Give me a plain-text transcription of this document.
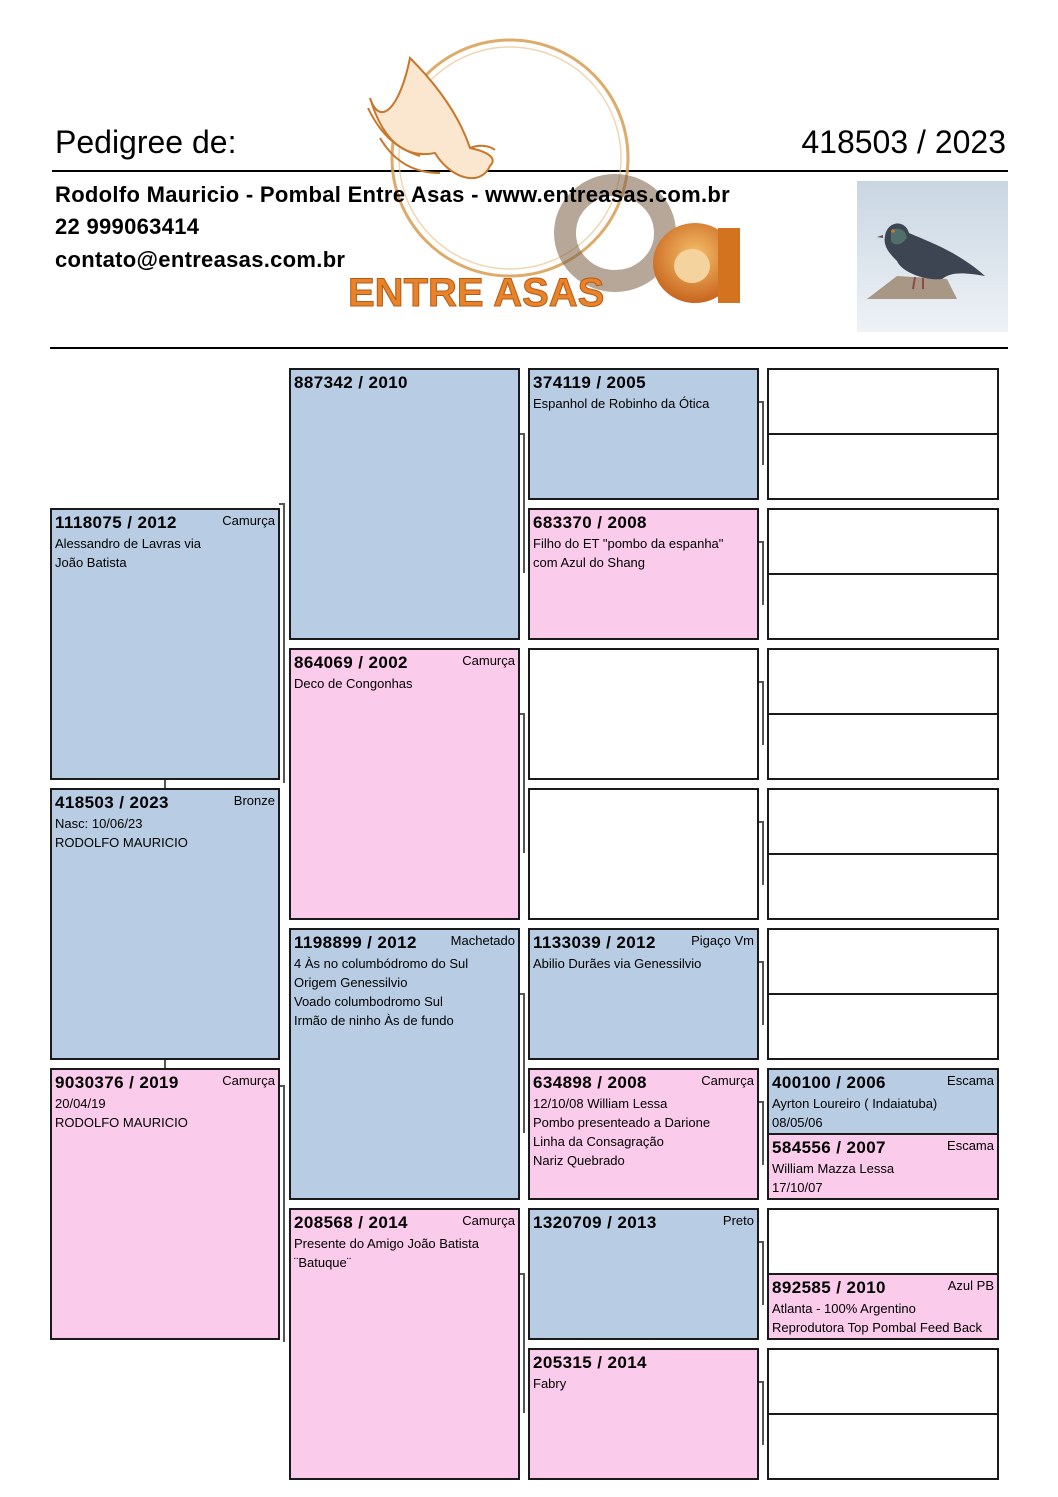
Pedigree de:	418503 / 2023
ENTRE ASAS
Rodolfo Mauricio - Pombal Entre Asas - www.entreasas.com.br
22 999063414
contato@entreasas.com.br
1118075 / 2012	Camurça
Alessandro de Lavras via
João Batista
418503 / 2023	Bronze
Nasc: 10/06/23
RODOLFO MAURICIO
9030376 / 2019	Camurça
20/04/19
RODOLFO MAURICIO
887342 / 2010
864069 / 2002	Camurça
Deco de Congonhas
1198899 / 2012	Machetado
4 Às no columbódromo do Sul
Origem Genessilvio
Voado columbodromo Sul
Irmão de ninho Às de fundo
208568 / 2014	Camurça
Presente do Amigo João Batista
¨Batuque¨
374119 / 2005
Espanhol de Robinho da Ótica
683370 / 2008
Filho do ET "pombo da espanha"
com Azul do Shang
1133039 / 2012	Pigaço Vm
Abilio Durães via Genessilvio
634898 / 2008	Camurça
12/10/08 William Lessa
Pombo presenteado a Darione
Linha da Consagração
Nariz Quebrado
1320709 / 2013	Preto
205315 / 2014
Fabry
400100 / 2006	Escama
Ayrton Loureiro ( Indaiatuba)
08/05/06
584556 / 2007	Escama
William Mazza Lessa
17/10/07
892585 / 2010	Azul PB
Atlanta - 100% Argentino
Reprodutora Top Pombal Feed Back
